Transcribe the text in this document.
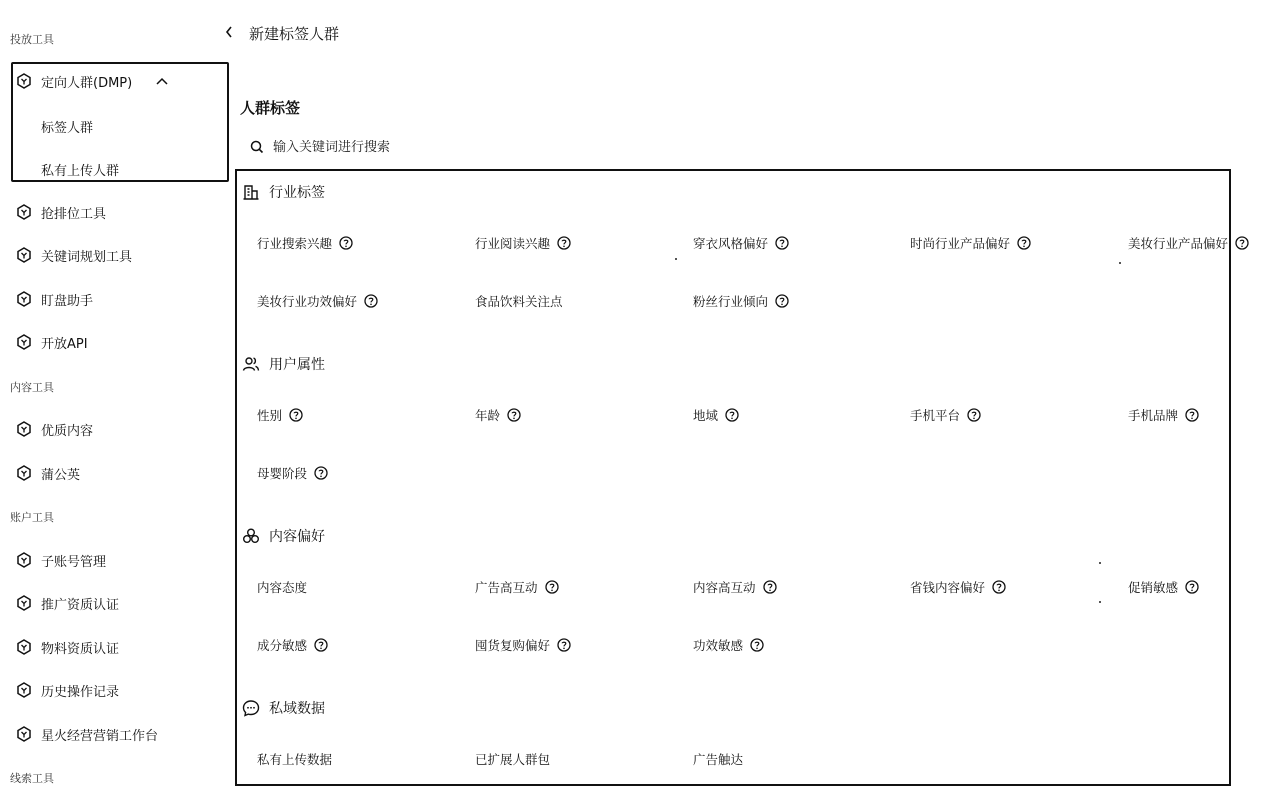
投放工具
定向人群(DMP)
标签人群
私有上传人群
抢排位工具
关键词规划工具
盯盘助手
开放API
内容工具
优质内容
蒲公英
账户工具
子账号管理
推广资质认证
物料资质认证
历史操作记录
星火经营营销工作台
线索工具
新建标签人群
人群标签
输入关键词进行搜索
行业标签
行业搜索兴趣	行业阅读兴趣	穿衣风格偏好	时尚行业产品偏好	美妆行业产品偏好
美妆行业功效偏好	食品饮料关注点	粉丝行业倾向
用户属性
性别	年龄	地域	手机平台	手机品牌
母婴阶段
内容偏好
内容态度	广告高互动	内容高互动	省钱内容偏好	促销敏感
成分敏感	囤货复购偏好	功效敏感
私域数据
私有上传数据	已扩展人群包	广告触达
